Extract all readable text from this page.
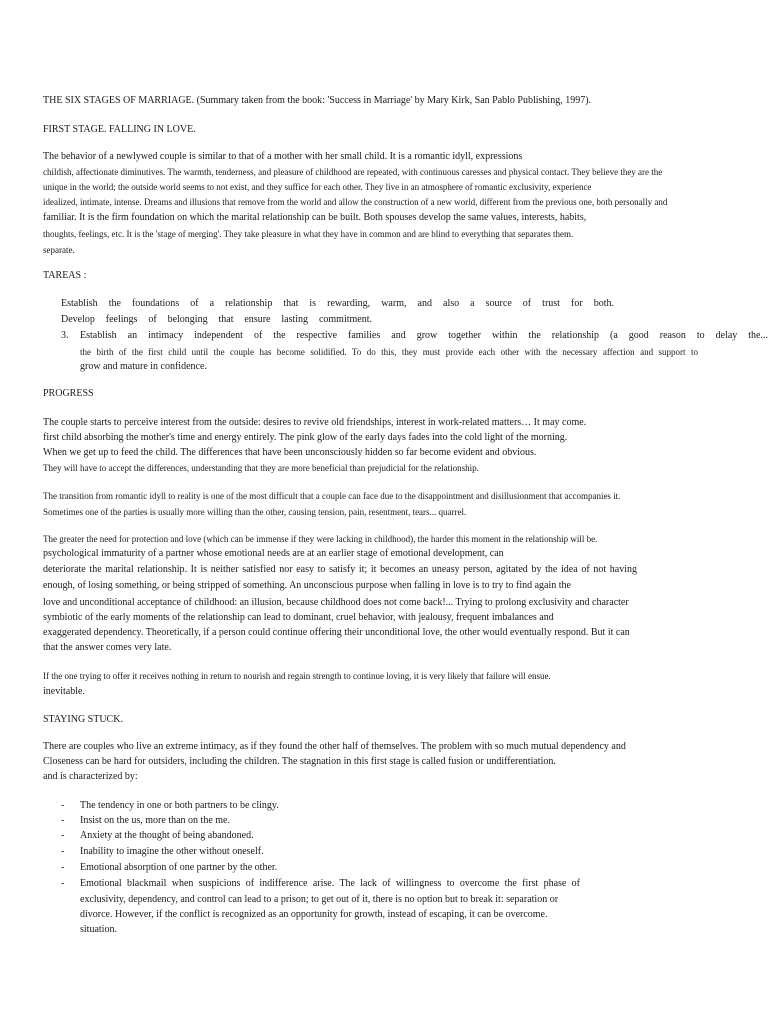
THE SIX STAGES OF MARRIAGE. (Summary taken from the book: 'Success in Marriage' by Mary Kirk, San Pablo Publishing, 1997).
FIRST STAGE. FALLING IN LOVE.
The behavior of a newlywed couple is similar to that of a mother with her small child. It is a romantic idyll, expressions
childish, affectionate diminutives. The warmth, tenderness, and pleasure of childhood are repeated, with continuous caresses and physical contact. They believe they are the
unique in the world; the outside world seems to not exist, and they suffice for each other. They live in an atmosphere of romantic exclusivity, experience
idealized, intimate, intense. Dreams and illusions that remove from the world and allow the construction of a new world, different from the previous one, both personally and
familiar. It is the firm foundation on which the marital relationship can be built. Both spouses develop the same values, interests, habits,
thoughts, feelings, etc. It is the 'stage of merging'. They take pleasure in what they have in common and are blind to everything that separates them.
separate.
TAREAS :
Establish the foundations of a relationship that is rewarding, warm, and also a source of trust for both.
Develop feelings of belonging that ensure lasting commitment.
3. Establish an intimacy independent of the respective families and grow together within the relationship (a good reason to delay the...
the birth of the first child until the couple has become solidified. To do this, they must provide each other with the necessary affection and support to
grow and mature in confidence.
PROGRESS
The couple starts to perceive interest from the outside: desires to revive old friendships, interest in work-related matters… It may come.
first child absorbing the mother's time and energy entirely. The pink glow of the early days fades into the cold light of the morning.
When we get up to feed the child. The differences that have been unconsciously hidden so far become evident and obvious.
They will have to accept the differences, understanding that they are more beneficial than prejudicial for the relationship.
The transition from romantic idyll to reality is one of the most difficult that a couple can face due to the disappointment and disillusionment that accompanies it.
Sometimes one of the parties is usually more willing than the other, causing tension, pain, resentment, tears... quarrel.
The greater the need for protection and love (which can be immense if they were lacking in childhood), the harder this moment in the relationship will be.
psychological immaturity of a partner whose emotional needs are at an earlier stage of emotional development, can
deteriorate the marital relationship. It is neither satisfied nor easy to satisfy it; it becomes an uneasy person, agitated by the idea of not having
enough, of losing something, or being stripped of something. An unconscious purpose when falling in love is to try to find again the
love and unconditional acceptance of childhood: an illusion, because childhood does not come back!... Trying to prolong exclusivity and character
symbiotic of the early moments of the relationship can lead to dominant, cruel behavior, with jealousy, frequent imbalances and
exaggerated dependency. Theoretically, if a person could continue offering their unconditional love, the other would eventually respond. But it can
that the answer comes very late.
If the one trying to offer it receives nothing in return to nourish and regain strength to continue loving, it is very likely that failure will ensue.
inevitable.
STAYING STUCK.
There are couples who live an extreme intimacy, as if they found the other half of themselves. The problem with so much mutual dependency and
Closeness can be hard for outsiders, including the children. The stagnation in this first stage is called fusion or undifferentiation.
and is characterized by:
- The tendency in one or both partners to be clingy.
- Insist on the us, more than on the me.
- Anxiety at the thought of being abandoned.
- Inability to imagine the other without oneself.
- Emotional absorption of one partner by the other.
- Emotional blackmail when suspicions of indifference arise. The lack of willingness to overcome the first phase of
exclusivity, dependency, and control can lead to a prison; to get out of it, there is no option but to break it: separation or
divorce. However, if the conflict is recognized as an opportunity for growth, instead of escaping, it can be overcome.
situation.
